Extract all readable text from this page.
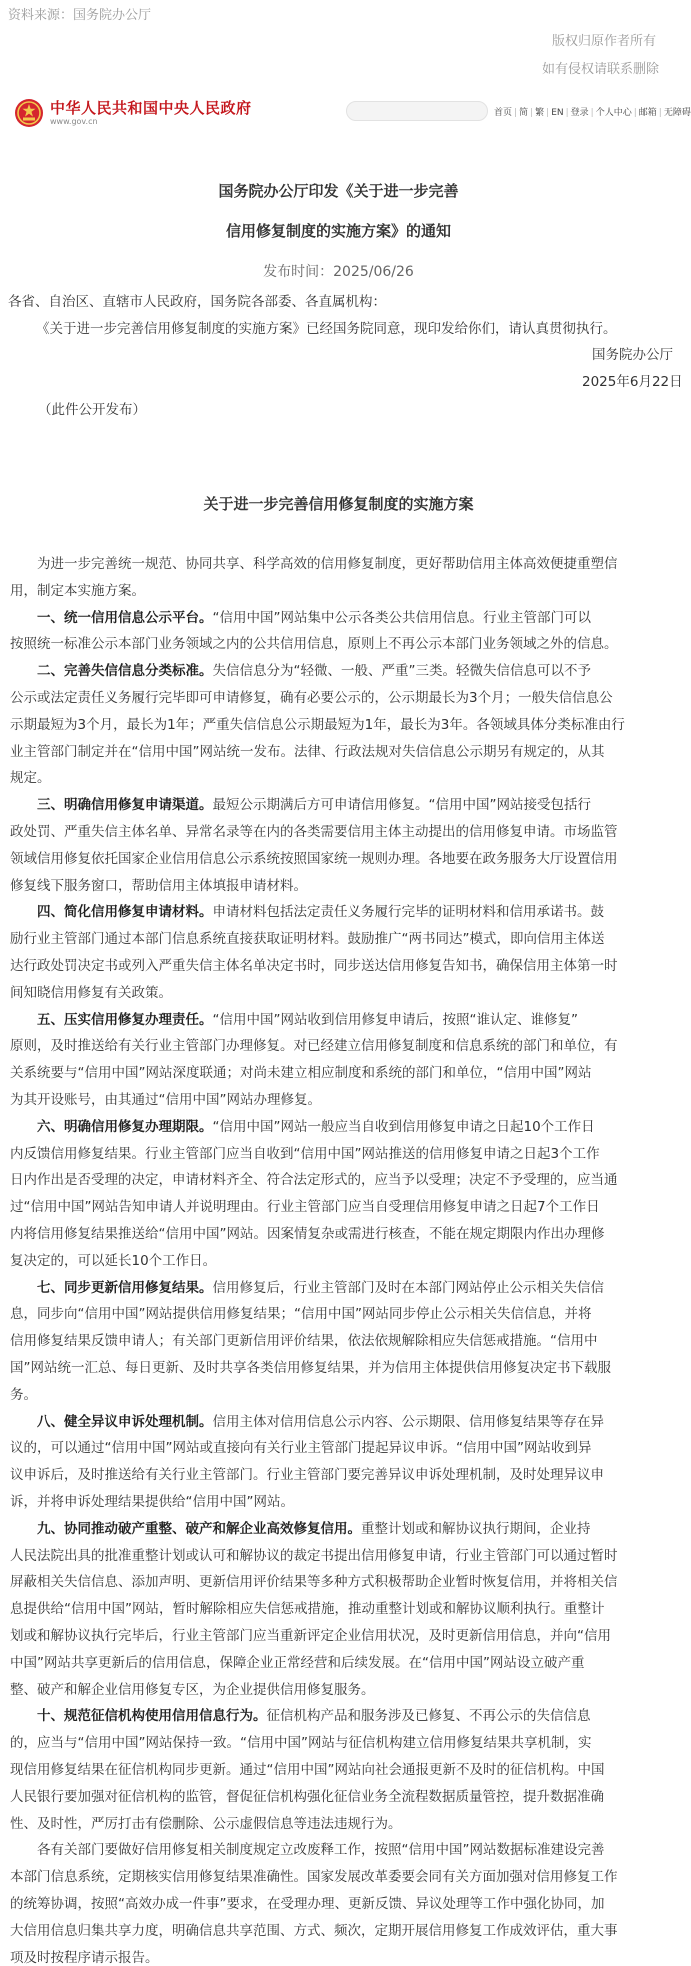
资料来源：国务院办公厅
版权归原作者所有
如有侵权请联系删除
中华人民共和国中央人民政府
www.gov.cn
首页 | 简 | 繁 | EN | 登录 | 个人中心 | 邮箱 | 无障碍
国务院办公厅印发《关于进一步完善
信用修复制度的实施方案》的通知
发布时间：2025/06/26
各省、自治区、直辖市人民政府，国务院各部委、各直属机构：
《关于进一步完善信用修复制度的实施方案》已经国务院同意，现印发给你们，请认真贯彻执行。
国务院办公厅
2025年6月22日
（此件公开发布）
关于进一步完善信用修复制度的实施方案
为进一步完善统一规范、协同共享、科学高效的信用修复制度，更好帮助信用主体高效便捷重塑信
用，制定本实施方案。
一、统一信用信息公示平台。“信用中国”网站集中公示各类公共信用信息。行业主管部门可以
按照统一标准公示本部门业务领域之内的公共信用信息，原则上不再公示本部门业务领域之外的信息。
二、完善失信信息分类标准。失信信息分为“轻微、一般、严重”三类。轻微失信信息可以不予
公示或法定责任义务履行完毕即可申请修复，确有必要公示的，公示期最长为3个月；一般失信信息公
示期最短为3个月，最长为1年；严重失信信息公示期最短为1年，最长为3年。各领域具体分类标准由行
业主管部门制定并在“信用中国”网站统一发布。法律、行政法规对失信信息公示期另有规定的，从其
规定。
三、明确信用修复申请渠道。最短公示期满后方可申请信用修复。“信用中国”网站接受包括行
政处罚、严重失信主体名单、异常名录等在内的各类需要信用主体主动提出的信用修复申请。市场监管
领域信用修复依托国家企业信用信息公示系统按照国家统一规则办理。各地要在政务服务大厅设置信用
修复线下服务窗口，帮助信用主体填报申请材料。
四、简化信用修复申请材料。申请材料包括法定责任义务履行完毕的证明材料和信用承诺书。鼓
励行业主管部门通过本部门信息系统直接获取证明材料。鼓励推广“两书同达”模式，即向信用主体送
达行政处罚决定书或列入严重失信主体名单决定书时，同步送达信用修复告知书，确保信用主体第一时
间知晓信用修复有关政策。
五、压实信用修复办理责任。“信用中国”网站收到信用修复申请后，按照“谁认定、谁修复”
原则，及时推送给有关行业主管部门办理修复。对已经建立信用修复制度和信息系统的部门和单位，有
关系统要与“信用中国”网站深度联通；对尚未建立相应制度和系统的部门和单位，“信用中国”网站
为其开设账号，由其通过“信用中国”网站办理修复。
六、明确信用修复办理期限。“信用中国”网站一般应当自收到信用修复申请之日起10个工作日
内反馈信用修复结果。行业主管部门应当自收到“信用中国”网站推送的信用修复申请之日起3个工作
日内作出是否受理的决定，申请材料齐全、符合法定形式的，应当予以受理；决定不予受理的，应当通
过“信用中国”网站告知申请人并说明理由。行业主管部门应当自受理信用修复申请之日起7个工作日
内将信用修复结果推送给“信用中国”网站。因案情复杂或需进行核查，不能在规定期限内作出办理修
复决定的，可以延长10个工作日。
七、同步更新信用修复结果。信用修复后，行业主管部门及时在本部门网站停止公示相关失信信
息，同步向“信用中国”网站提供信用修复结果；“信用中国”网站同步停止公示相关失信信息，并将
信用修复结果反馈申请人；有关部门更新信用评价结果，依法依规解除相应失信惩戒措施。“信用中
国”网站统一汇总、每日更新、及时共享各类信用修复结果，并为信用主体提供信用修复决定书下载服
务。
八、健全异议申诉处理机制。信用主体对信用信息公示内容、公示期限、信用修复结果等存在异
议的，可以通过“信用中国”网站或直接向有关行业主管部门提起异议申诉。“信用中国”网站收到异
议申诉后，及时推送给有关行业主管部门。行业主管部门要完善异议申诉处理机制，及时处理异议申
诉，并将申诉处理结果提供给“信用中国”网站。
九、协同推动破产重整、破产和解企业高效修复信用。重整计划或和解协议执行期间，企业持
人民法院出具的批准重整计划或认可和解协议的裁定书提出信用修复申请，行业主管部门可以通过暂时
屏蔽相关失信信息、添加声明、更新信用评价结果等多种方式积极帮助企业暂时恢复信用，并将相关信
息提供给“信用中国”网站，暂时解除相应失信惩戒措施，推动重整计划或和解协议顺利执行。重整计
划或和解协议执行完毕后，行业主管部门应当重新评定企业信用状况，及时更新信用信息，并向“信用
中国”网站共享更新后的信用信息，保障企业正常经营和后续发展。在“信用中国”网站设立破产重
整、破产和解企业信用修复专区，为企业提供信用修复服务。
十、规范征信机构使用信用信息行为。征信机构产品和服务涉及已修复、不再公示的失信信息
的，应当与“信用中国”网站保持一致。“信用中国”网站与征信机构建立信用修复结果共享机制，实
现信用修复结果在征信机构同步更新。通过“信用中国”网站向社会通报更新不及时的征信机构。中国
人民银行要加强对征信机构的监管，督促征信机构强化征信业务全流程数据质量管控，提升数据准确
性、及时性，严厉打击有偿删除、公示虚假信息等违法违规行为。
各有关部门要做好信用修复相关制度规定立改废释工作，按照“信用中国”网站数据标准建设完善
本部门信息系统，定期核实信用修复结果准确性。国家发展改革委要会同有关方面加强对信用修复工作
的统筹协调，按照“高效办成一件事”要求，在受理办理、更新反馈、异议处理等工作中强化协同，加
大信用信息归集共享力度，明确信息共享范围、方式、频次，定期开展信用修复工作成效评估，重大事
项及时按程序请示报告。
